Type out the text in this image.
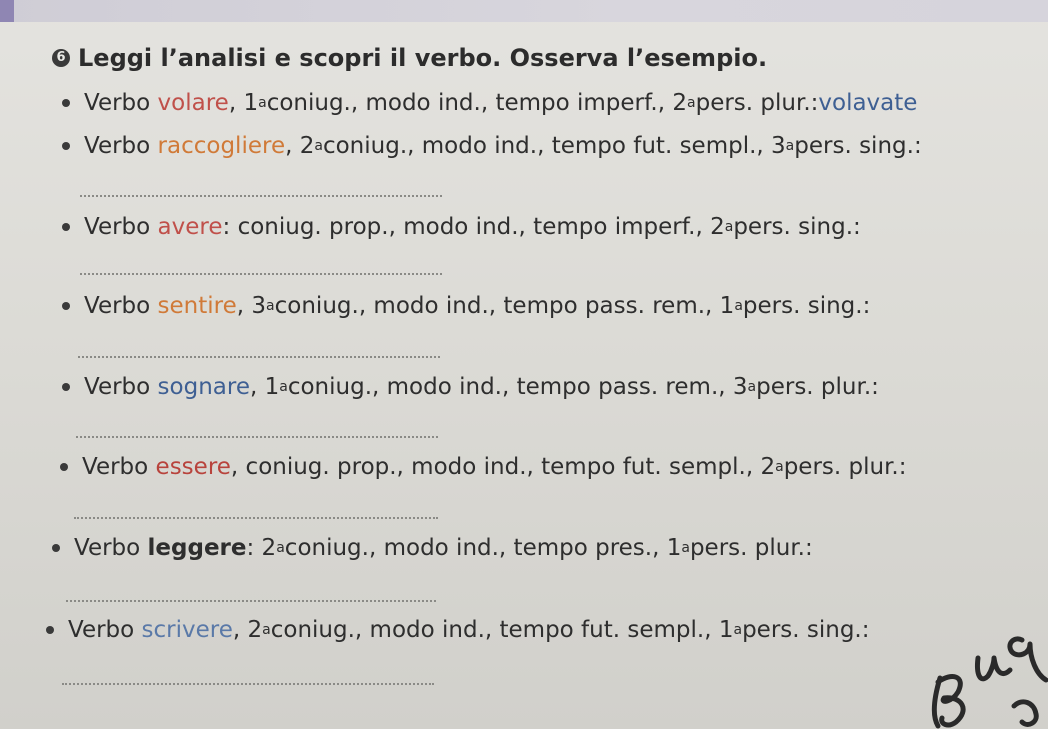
6 Leggi l’analisi e scopri il verbo. Osserva l’esempio.
Verbo
volare , 1 a coniug., modo ind., tempo imperf., 2 a pers. plur.: volavate
Verbo
raccogliere , 2 a coniug., modo ind., tempo fut. sempl., 3 a pers. sing.:
Verbo
avere : coniug. prop., modo ind., tempo imperf., 2 a pers. sing.:
Verbo
sentire , 3 a coniug., modo ind., tempo pass. rem., 1 a pers. sing.:
Verbo
sognare , 1 a coniug., modo ind., tempo pass. rem., 3 a pers. plur.:
Verbo
essere , coniug. prop., modo ind., tempo fut. sempl., 2 a pers. plur.:
Verbo
leggere : 2 a coniug., modo ind., tempo pres., 1 a pers. plur.:
Verbo
scrivere , 2 a coniug., modo ind., tempo fut. sempl., 1 a pers. sing.:
